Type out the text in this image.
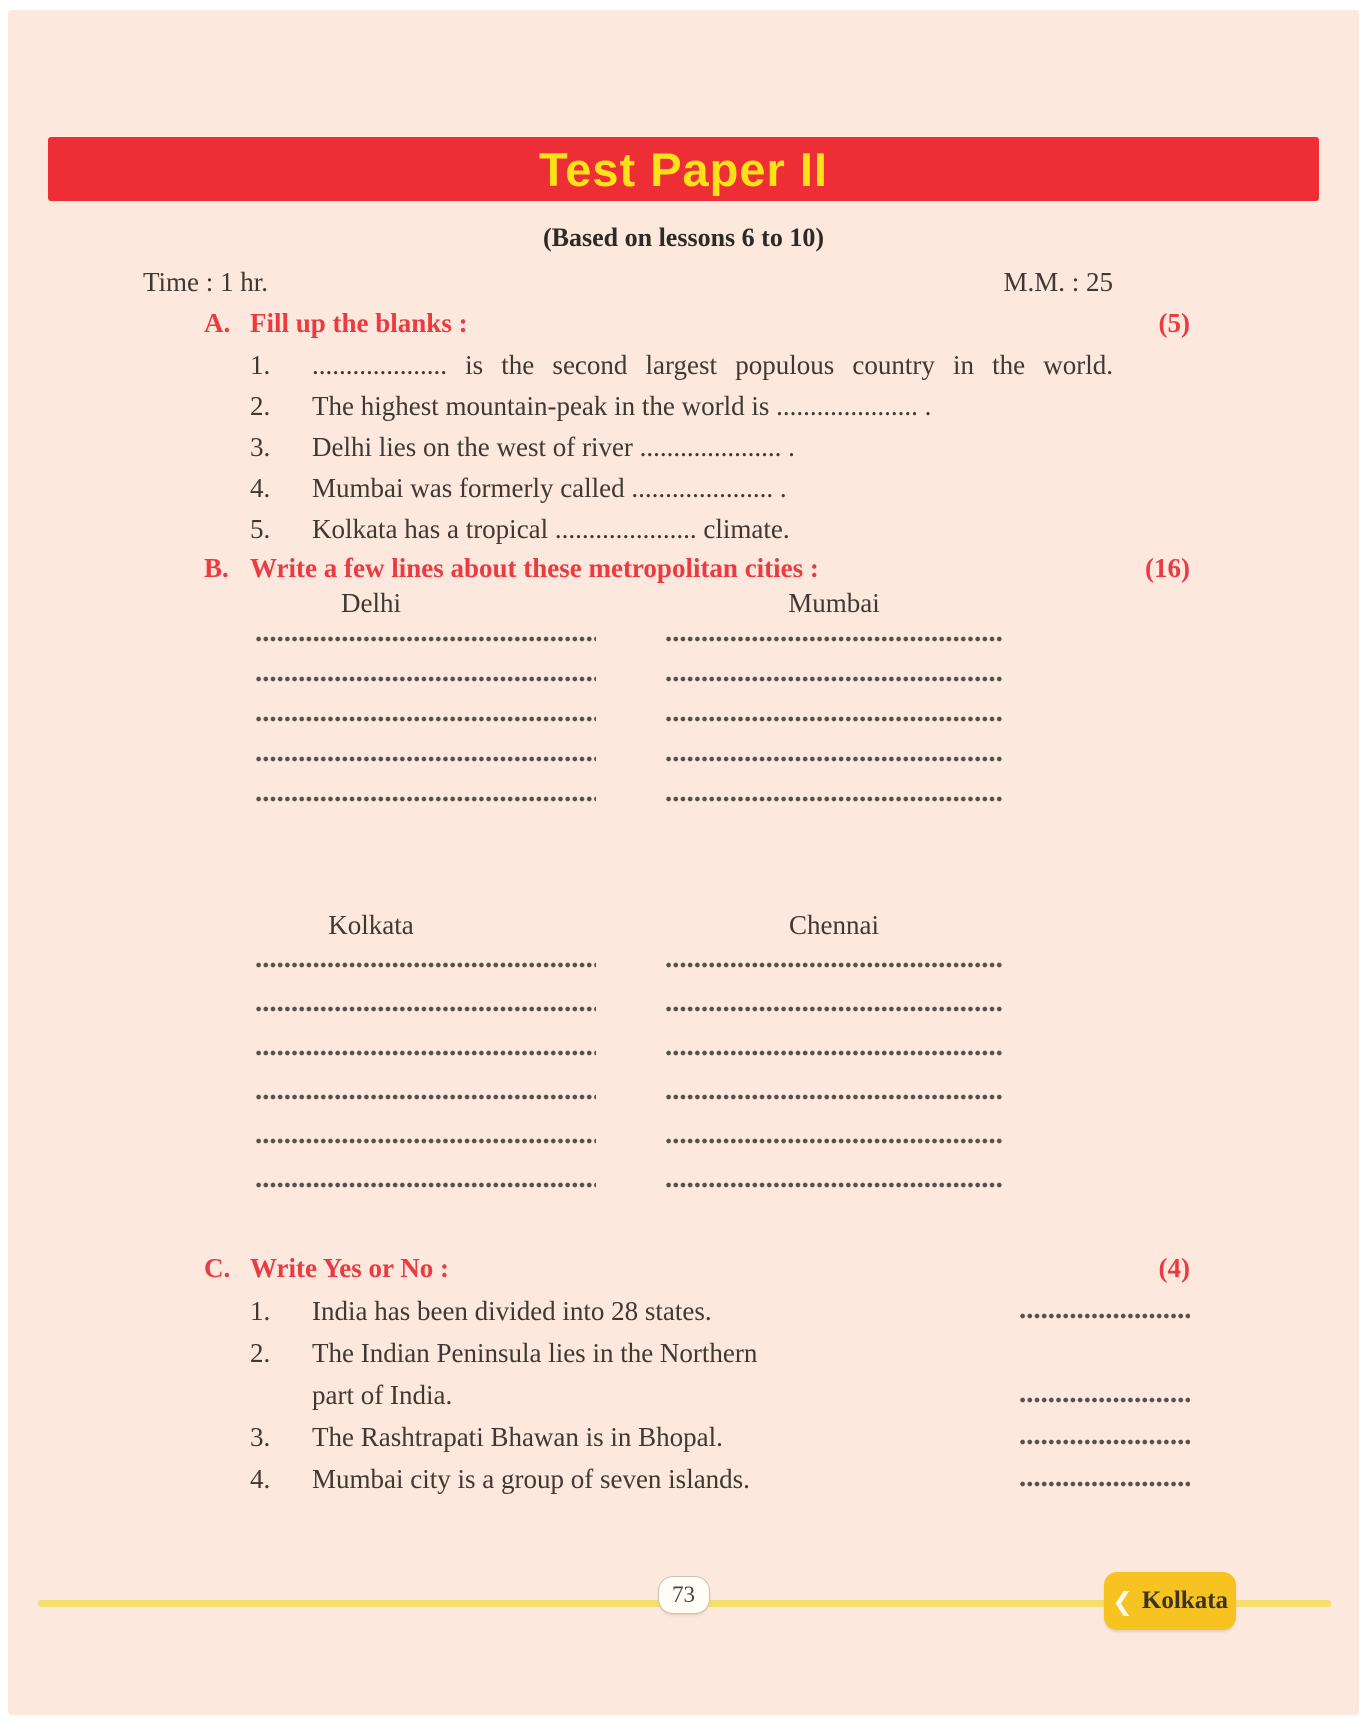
Test Paper II
(Based on lessons 6 to 10)
Time : 1 hr.	M.M. : 25
A. Fill up the blanks :	(5)
1.	.................... is the second largest populous country in the world.
2.	The highest mountain-peak in the world is ..................... .
3.	Delhi lies on the west of river ..................... .
4.	Mumbai was formerly called ..................... .
5.	Kolkata has a tropical ..................... climate.
B. Write a few lines about these metropolitan cities :	(16)
Delhi	Mumbai
Kolkata	Chennai
C. Write Yes or No :	(4)
1.	India has been divided into 28 states.
2.	The Indian Peninsula lies in the Northern
part of India.
3.	The Rashtrapati Bhawan is in Bhopal.
4.	Mumbai city is a group of seven islands.
73	❮ Kolkata
